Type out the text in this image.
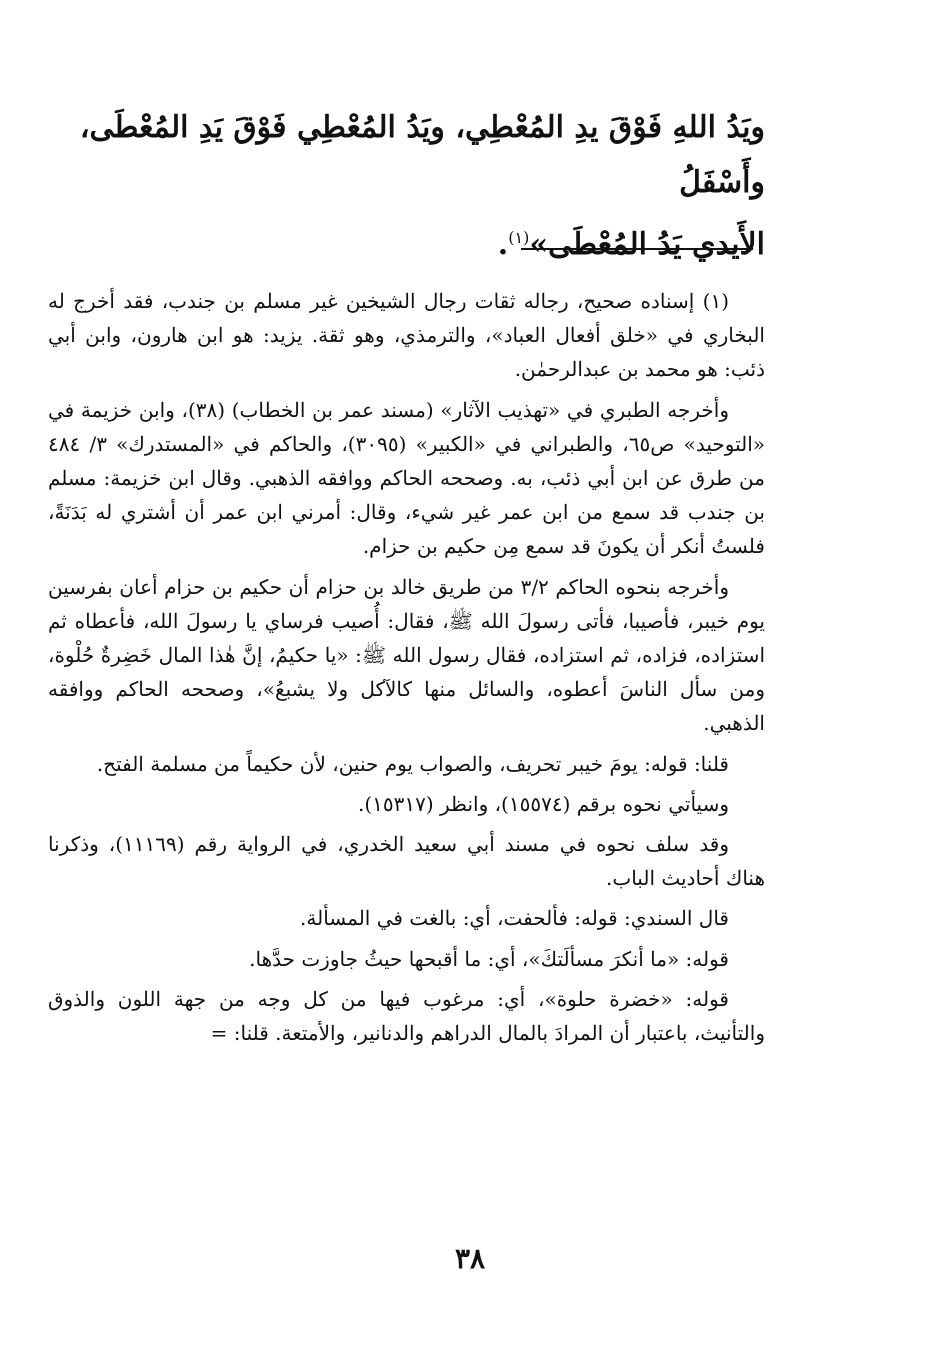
ويَدُ اللهِ فَوْقَ يدِ المُعْطِي، ويَدُ المُعْطِي فَوْقَ يَدِ المُعْطَى، وأَسْفَلُ

الأَيدي يَدُ المُعْطَى»$^{(١)}$.

(١) إسناده صحيح، رجاله ثقات رجال الشيخين غير مسلم بن جندب، فقد أخرج له البخاري في «خلق أفعال العباد»، والترمذي، وهو ثقة. يزيد: هو ابن هارون، وابن أبي ذئب: هو محمد بن عبدالرحمٰن.

وأخرجه الطبري في «تهذيب الآثار» (مسند عمر بن الخطاب) (٣٨)، وابن خزيمة في «التوحيد» ص٦٥، والطبراني في «الكبير» (٣٠٩٥)، والحاكم في «المستدرك» ٣/ ٤٨٤ من طرق عن ابن أبي ذئب، به. وصححه الحاكم ووافقه الذهبي. وقال ابن خزيمة: مسلم بن جندب قد سمع من ابن عمر غير شيء، وقال: أمرني ابن عمر أن أشتري له بَدَنَةً، فلستُ أنكر أن يكونَ قد سمع مِن حكيم بن حزام.

وأخرجه بنحوه الحاكم ٣/٢ من طريق خالد بن حزام أن حكيم بن حزام أعان بفرسين يوم خيبر، فأصيبا، فأتى رسولَ الله ﷺ، فقال: أُصيب فرساي يا رسولَ الله، فأعطاه ثم استزاده، فزاده، ثم استزاده، فقال رسول الله ﷺ: «يا حكيمُ، إنَّ هٰذا المال خَضِرةٌ حُلْوة، ومن سأل الناسَ أعطوه، والسائل منها كالآكل ولا يشبعُ»، وصححه الحاكم ووافقه الذهبي.

قلنا: قوله: يومَ خيبر تحريف، والصواب يوم حنين، لأن حكيماً من مسلمة الفتح.

وسيأتي نحوه برقم (١٥٥٧٤)، وانظر (١٥٣١٧).

وقد سلف نحوه في مسند أبي سعيد الخدري، في الرواية رقم (١١١٦٩)، وذكرنا هناك أحاديث الباب.

قال السندي: قوله: فألحفت، أي: بالغت في المسألة.

قوله: «ما أنكرَ مسألَتكَ»، أي: ما أقبحها حيثُ جاوزت حدَّها.

قوله: «خضرة حلوة»، أي: مرغوب فيها من كل وجه من جهة اللون والذوق والتأنيث، باعتبار أن المرادَ بالمال الدراهم والدنانير، والأمتعة. قلنا: =

٣٨
